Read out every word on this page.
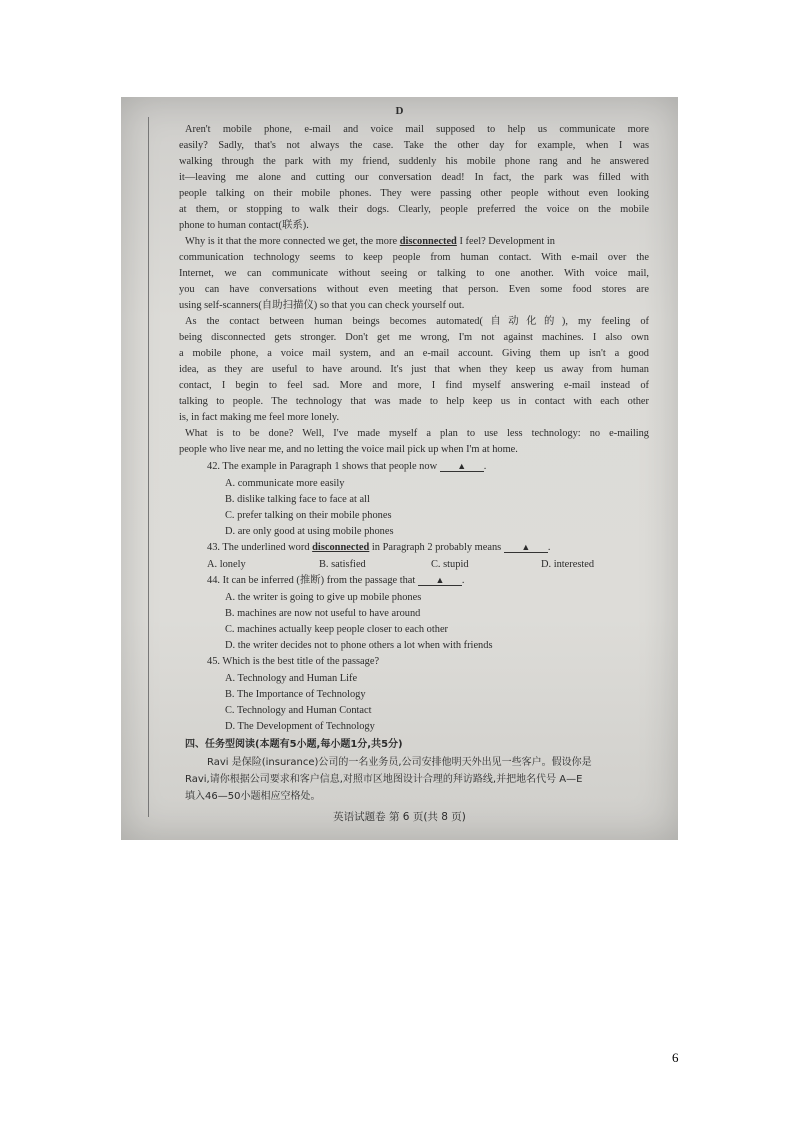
D
Aren't mobile phone, e-mail and voice mail supposed to help us communicate more
easily? Sadly, that's not always the case. Take the other day for example, when I was
walking through the park with my friend, suddenly his mobile phone rang and he answered
it—leaving me alone and cutting our conversation dead! In fact, the park was filled with
people talking on their mobile phones. They were passing other people without even looking
at them, or stopping to walk their dogs. Clearly, people preferred the voice on the mobile
phone to human contact(联系).
Why is it that the more connected we get, the more disconnected I feel? Development in
communication technology seems to keep people from human contact. With e-mail over the
Internet, we can communicate without seeing or talking to one another. With voice mail,
you can have conversations without even meeting that person. Even some food stores are
using self-scanners(自助扫描仪) so that you can check yourself out.
As the contact between human beings becomes automated(自动化的), my feeling of
being disconnected gets stronger. Don't get me wrong, I'm not against machines. I also own
a mobile phone, a voice mail system, and an e-mail account. Giving them up isn't a good
idea, as they are useful to have around. It's just that when they keep us away from human
contact, I begin to feel sad. More and more, I find myself answering e-mail instead of
talking to people. The technology that was made to help keep us in contact with each other
is, in fact making me feel more lonely.
What is to be done? Well, I've made myself a plan to use less technology: no e-mailing
people who live near me, and no letting the voice mail pick up when I'm at home.
42. The example in Paragraph 1 shows that people now ▲ .
A. communicate more easily
B. dislike talking face to face at all
C. prefer talking on their mobile phones
D. are only good at using mobile phones
43. The underlined word disconnected in Paragraph 2 probably means ▲ .
A. lonely	B. satisfied	C. stupid	D. interested
44. It can be inferred (推断) from the passage that ▲ .
A. the writer is going to give up mobile phones
B. machines are now not useful to have around
C. machines actually keep people closer to each other
D. the writer decides not to phone others a lot when with friends
45. Which is the best title of the passage?
A. Technology and Human Life
B. The Importance of Technology
C. Technology and Human Contact
D. The Development of Technology
四、任务型阅读(本题有5小题,每小题1分,共5分)
Ravi 是保险(insurance)公司的一名业务员,公司安排他明天外出见一些客户。假设你是
Ravi,请你根据公司要求和客户信息,对照市区地图设计合理的拜访路线,并把地名代号 A—E
填入46—50小题相应空格处。
英语试题卷 第 6 页(共 8 页)
6
